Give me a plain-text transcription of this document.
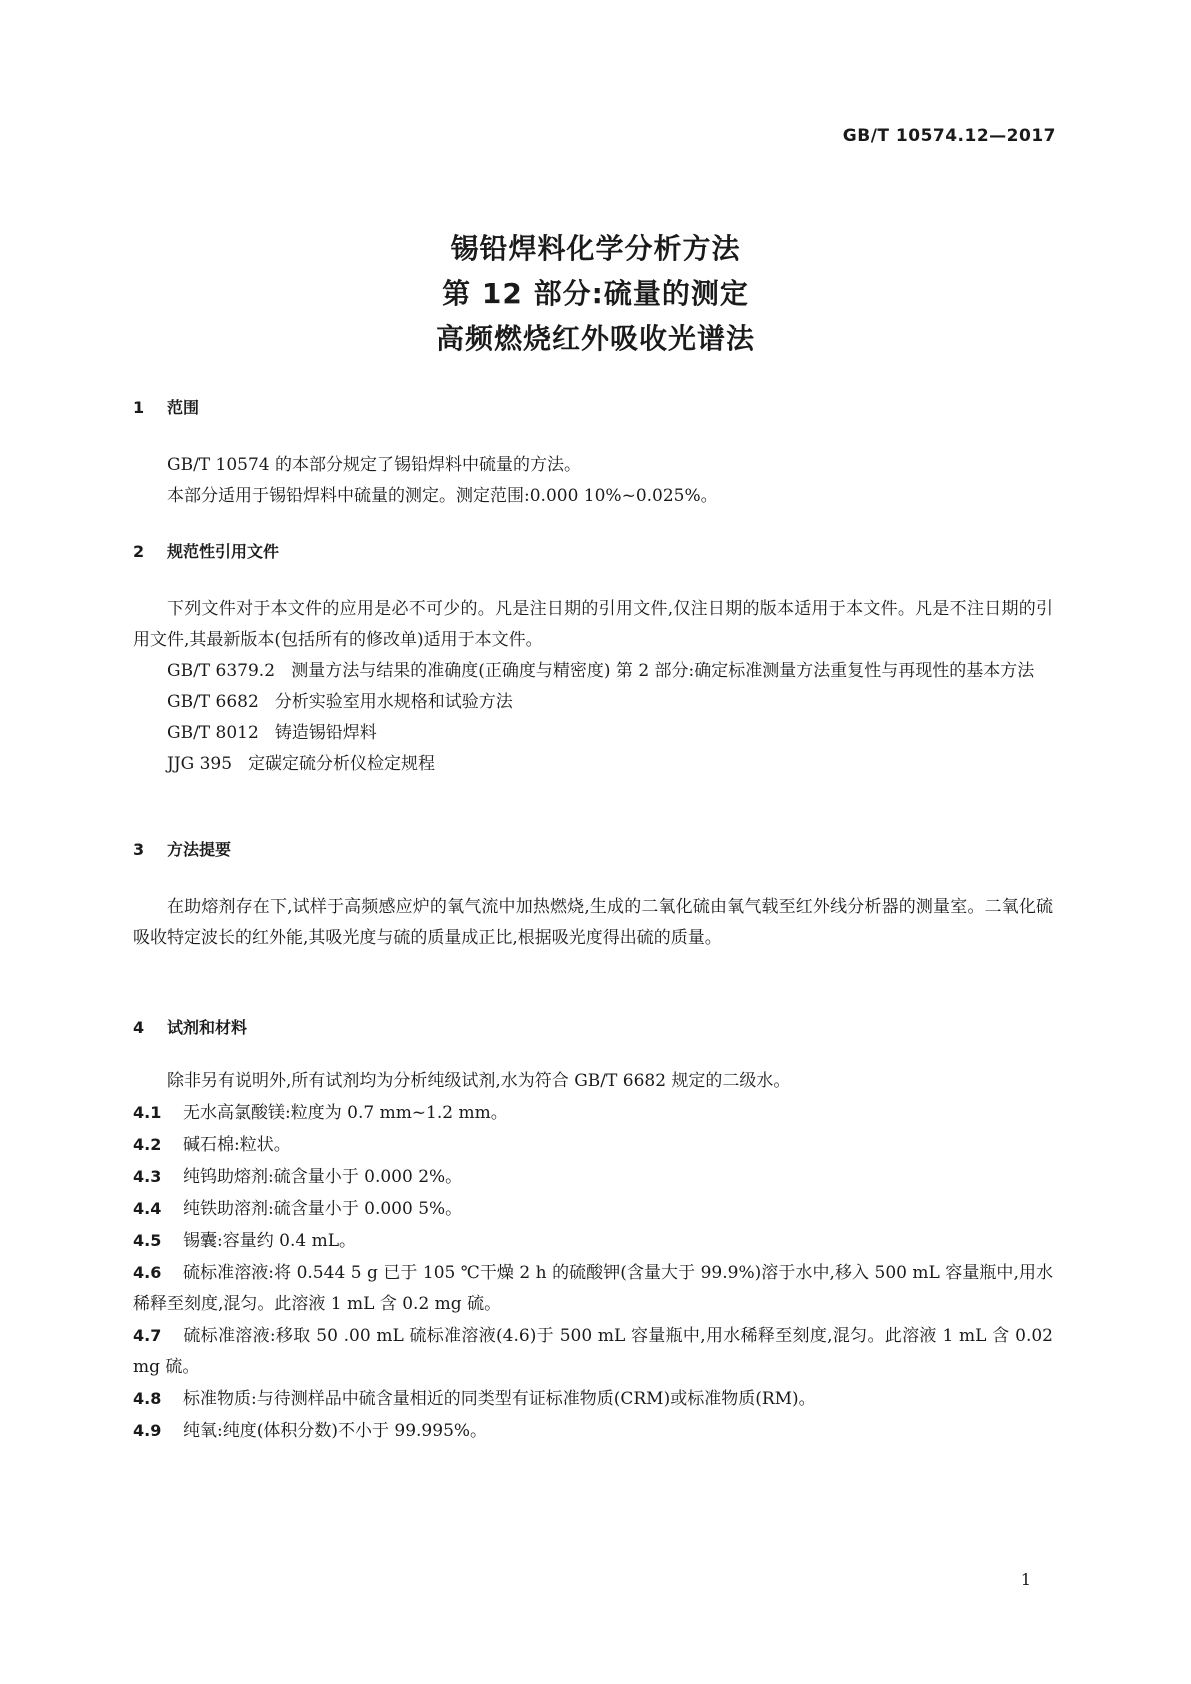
GB/T 10574.12—2017
锡铅焊料化学分析方法
第 12 部分:硫量的测定
高频燃烧红外吸收光谱法
1 范围
GB/T 10574 的本部分规定了锡铅焊料中硫量的方法。
本部分适用于锡铅焊料中硫量的测定。测定范围:0.000 10%~0.025%。
2 规范性引用文件
下列文件对于本文件的应用是必不可少的。凡是注日期的引用文件,仅注日期的版本适用于本文件。凡是不注日期的引用文件,其最新版本(包括所有的修改单)适用于本文件。
GB/T 6379.2 测量方法与结果的准确度(正确度与精密度) 第 2 部分:确定标准测量方法重复性与再现性的基本方法
GB/T 6682 分析实验室用水规格和试验方法
GB/T 8012 铸造锡铅焊料
JJG 395 定碳定硫分析仪检定规程
3 方法提要
在助熔剂存在下,试样于高频感应炉的氧气流中加热燃烧,生成的二氧化硫由氧气载至红外线分析器的测量室。二氧化硫吸收特定波长的红外能,其吸光度与硫的质量成正比,根据吸光度得出硫的质量。
4 试剂和材料
除非另有说明外,所有试剂均为分析纯级试剂,水为符合 GB/T 6682 规定的二级水。
4.1 无水高氯酸镁:粒度为 0.7 mm~1.2 mm。
4.2 碱石棉:粒状。
4.3 纯钨助熔剂:硫含量小于 0.000 2%。
4.4 纯铁助溶剂:硫含量小于 0.000 5%。
4.5 锡囊:容量约 0.4 mL。
4.6 硫标准溶液:将 0.544 5 g 已于 105 ℃干燥 2 h 的硫酸钾(含量大于 99.9%)溶于水中,移入 500 mL 容量瓶中,用水稀释至刻度,混匀。此溶液 1 mL 含 0.2 mg 硫。
4.7 硫标准溶液:移取 50 .00 mL 硫标准溶液(4.6)于 500 mL 容量瓶中,用水稀释至刻度,混匀。此溶液 1 mL 含 0.02 mg 硫。
4.8 标准物质:与待测样品中硫含量相近的同类型有证标准物质(CRM)或标准物质(RM)。
4.9 纯氧:纯度(体积分数)不小于 99.995%。
1
